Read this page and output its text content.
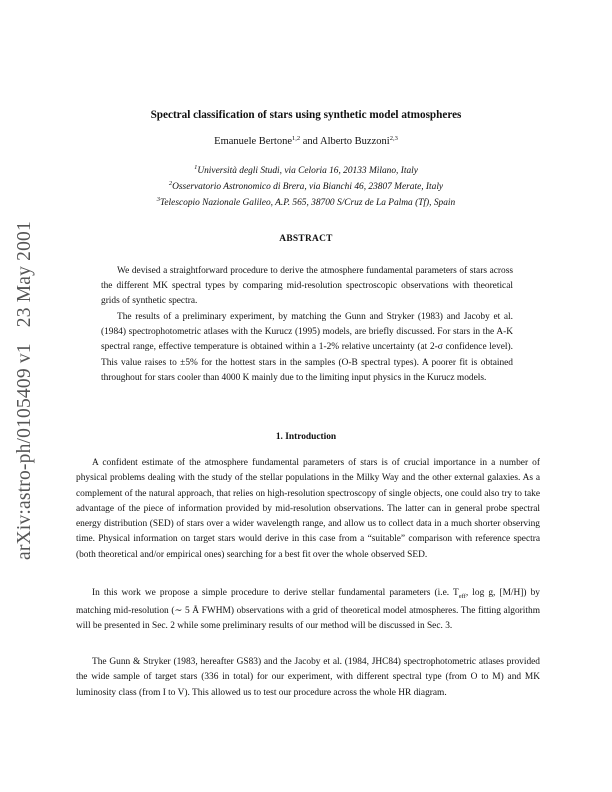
arXiv:astro-ph/0105409 v123 May 2001
Spectral classification of stars using synthetic model atmospheres
Emanuele Bertone$^{1,2}$ and Alberto Buzzoni$^{2,3}$
$^1$Università degli Studi, via Celoria 16, 20133 Milano, Italy
$^2$Osservatorio Astronomico di Brera, via Bianchi 46, 23807 Merate, Italy
$^3$Telescopio Nazionale Galileo, A.P. 565, 38700 S/Cruz de La Palma (Tf), Spain
ABSTRACT
We devised a straightforward procedure to derive the atmosphere fundamental parameters of stars across the different MK spectral types by comparing mid-resolution spectroscopic observations with theoretical grids of synthetic spectra.
The results of a preliminary experiment, by matching the Gunn and Stryker (1983) and Jacoby et al. (1984) spectrophotometric atlases with the Kurucz (1995) models, are briefly discussed. For stars in the A-K spectral range, effective temperature is obtained within a 1-2% relative uncertainty (at 2-σ confidence level). This value raises to ±5% for the hottest stars in the samples (O-B spectral types). A poorer fit is obtained throughout for stars cooler than 4000 K mainly due to the limiting input physics in the Kurucz models.
1. Introduction
A confident estimate of the atmosphere fundamental parameters of stars is of crucial importance in a number of physical problems dealing with the study of the stellar populations in the Milky Way and the other external galaxies. As a complement of the natural approach, that relies on high-resolution spectroscopy of single objects, one could also try to take advantage of the piece of information provided by mid-resolution observations. The latter can in general probe spectral energy distribution (SED) of stars over a wider wavelength range, and allow us to collect data in a much shorter observing time. Physical information on target stars would derive in this case from a “suitable” comparison with reference spectra (both theoretical and/or empirical ones) searching for a best fit over the whole observed SED.
In this work we propose a simple procedure to derive stellar fundamental parameters (i.e. $T_{eff}$, log g, [M/H]) by matching mid-resolution (∼ 5 Å FWHM) observations with a grid of theoretical model atmospheres. The fitting algorithm will be presented in Sec. 2 while some preliminary results of our method will be discussed in Sec. 3.
The Gunn & Stryker (1983, hereafter GS83) and the Jacoby et al. (1984, JHC84) spectrophotometric atlases provided the wide sample of target stars (336 in total) for our experiment, with different spectral type (from O to M) and MK luminosity class (from I to V). This allowed us to test our procedure across the whole HR diagram.
